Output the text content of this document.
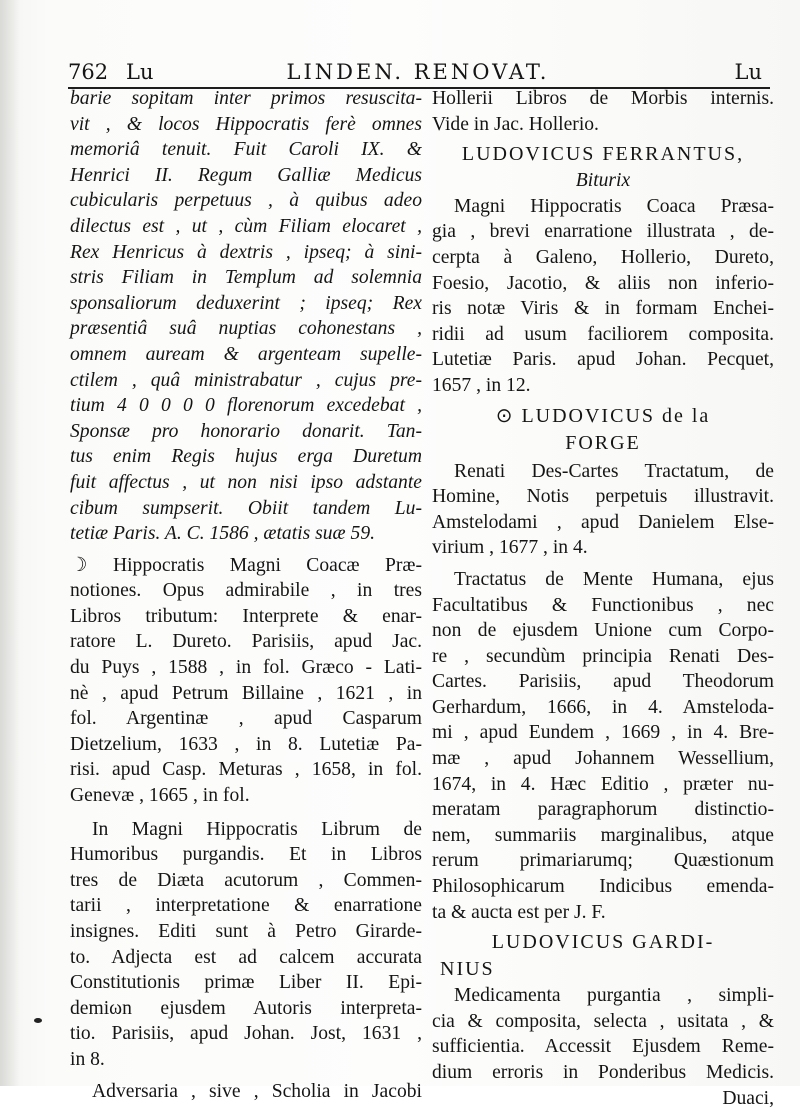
762 Lu	LINDEN. RENOVAT.	Lu
barie sopitam inter primos resuscita-
vit , & locos Hippocratis ferè omnes
memoriâ tenuit. Fuit Caroli IX. &
Henrici II. Regum Galliæ Medicus
cubicularis perpetuus , à quibus adeo
dilectus est , ut , cùm Filiam elocaret ,
Rex Henricus à dextris , ipseq; à sini-
stris Filiam in Templum ad solemnia
sponsaliorum deduxerint ; ipseq; Rex
præsentiâ suâ nuptias cohonestans ,
omnem auream & argenteam supelle-
ctilem , quâ ministrabatur , cujus pre-
tium 4 0 0 0 0 florenorum excedebat ,
Sponsæ pro honorario donarit. Tan-
tus enim Regis hujus erga Duretum
fuit affectus , ut non nisi ipso adstante
cibum sumpserit. Obiit tandem Lu-
tetiæ Paris. A. C. 1586 , ætatis suæ 59.
☽ Hippocratis Magni Coacæ Præ-
notiones. Opus admirabile , in tres
Libros tributum: Interprete & enar-
ratore L. Dureto. Parisiis, apud Jac.
du Puys , 1588 , in fol. Græco - Lati-
nè , apud Petrum Billaine , 1621 , in
fol. Argentinæ , apud Casparum
Dietzelium, 1633 , in 8. Lutetiæ Pa-
risi. apud Casp. Meturas , 1658, in fol.
Genevæ , 1665 , in fol.
In Magni Hippocratis Librum de
Humoribus purgandis. Et in Libros
tres de Diæta acutorum , Commen-
tarii , interpretatione & enarratione
insignes. Editi sunt à Petro Girarde-
to. Adjecta est ad calcem accurata
Constitutionis primæ Liber II. Epi-
demiωn ejusdem Autoris interpreta-
tio. Parisiis, apud Johan. Jost, 1631 ,
in 8.
Adversaria , sive , Scholia in Jacobi
Hollerii Libros de Morbis internis.
Vide in Jac. Hollerio.
LUDOVICUS FERRANTUS,
Biturix
Magni Hippocratis Coaca Præsa-
gia , brevi enarratione illustrata , de-
cerpta à Galeno, Hollerio, Dureto,
Foesio, Jacotio, & aliis non inferio-
ris notæ Viris & in formam Enchei-
ridii ad usum faciliorem composita.
Lutetiæ Paris. apud Johan. Pecquet,
1657 , in 12.
⊙ LUDOVICUS de la
FORGE
Renati Des-Cartes Tractatum, de
Homine, Notis perpetuis illustravit.
Amstelodami , apud Danielem Else-
virium , 1677 , in 4.
Tractatus de Mente Humana, ejus
Facultatibus & Functionibus , nec
non de ejusdem Unione cum Corpo-
re , secundùm principia Renati Des-
Cartes. Parisiis, apud Theodorum
Gerhardum, 1666, in 4. Amstelodа-
mi , apud Eundem , 1669 , in 4. Bre-
mæ , apud Johannem Wessellium,
1674, in 4. Hæc Editio , præter nu-
meratam paragraphorum distinctio-
nem, summariis marginalibus, atque
rerum primariarumq; Quæstionum
Philosophicarum Indicibus emenda-
ta & aucta est per J. F.
LUDOVICUS GARDI-
NIUS
Medicamenta purgantia , simpli-
cia & composita, selecta , usitata , &
sufficientia. Accessit Ejusdem Reme-
dium erroris in Ponderibus Medicis.
Duaci,
